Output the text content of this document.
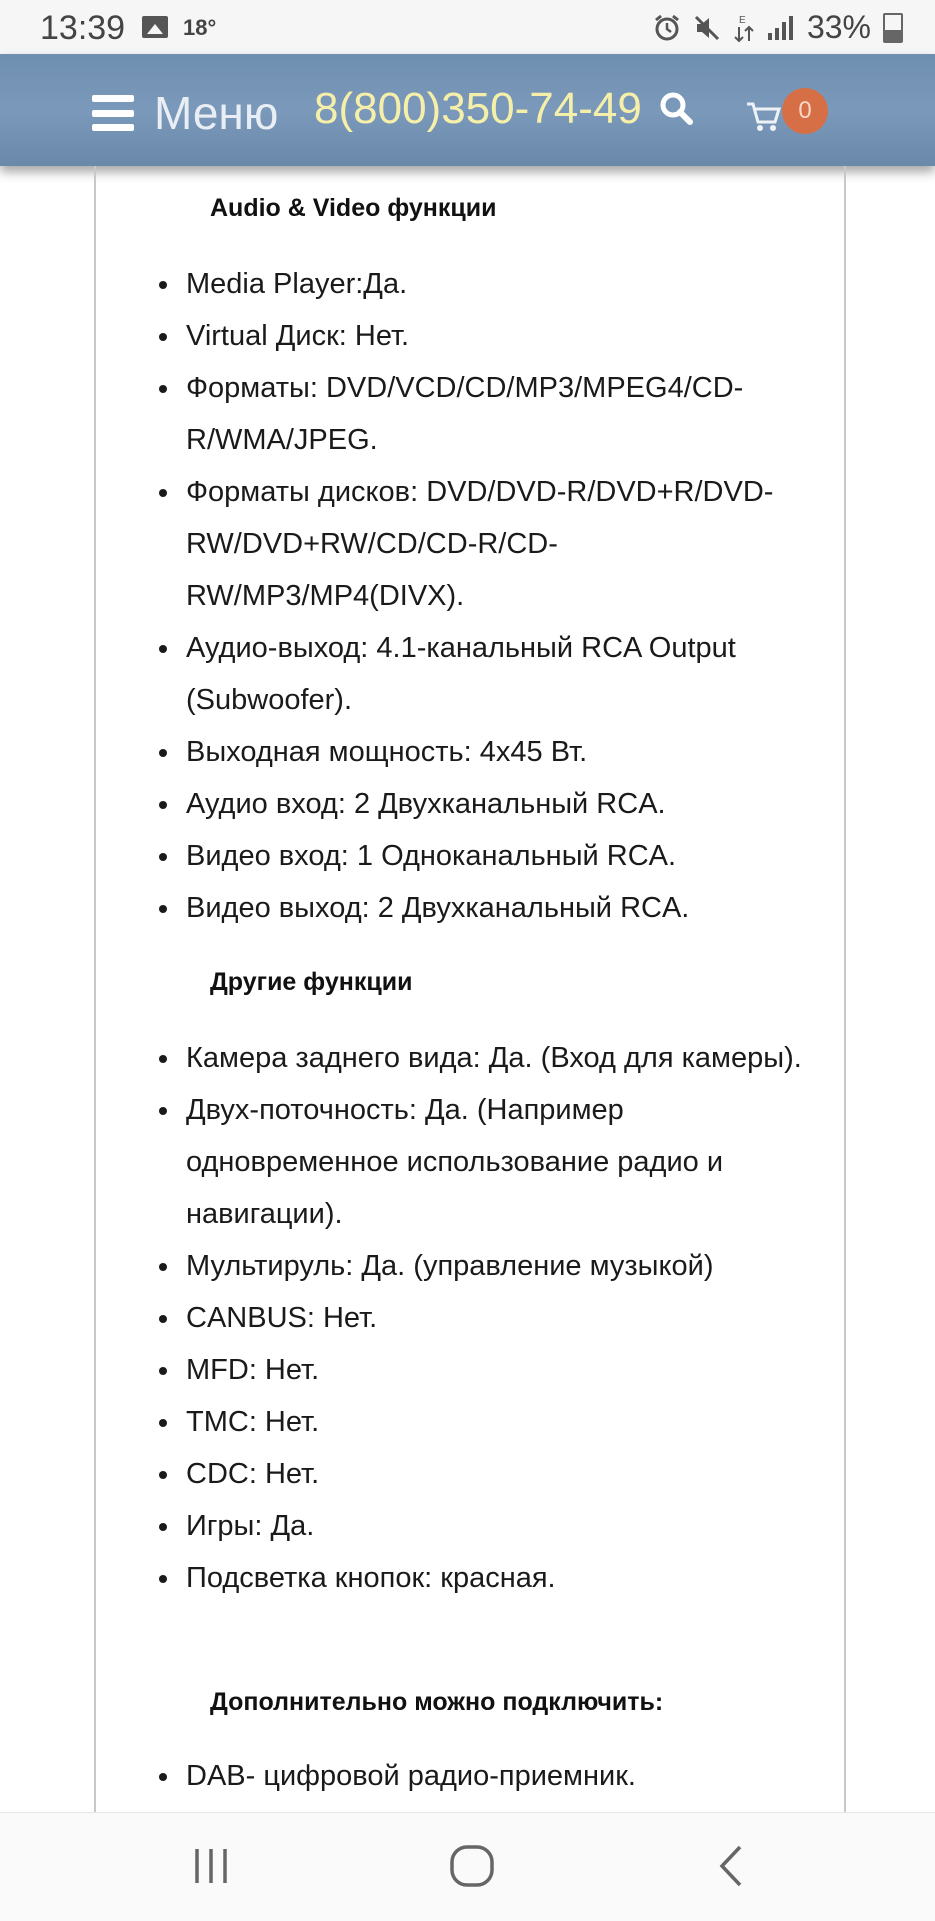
13:39	18°	E 33%
Меню 8(800)350-74-49	0
Audio & Video функции
• Media Player:Да.
• Virtual Диск: Нет.
• Форматы: DVD/VCD/CD/MP3/MPEG4/CD-R/WMA/JPEG.
• Форматы дисков: DVD/DVD-R/DVD+R/DVD-RW/DVD+RW/CD/CD-R/CD-RW/MP3/MP4(DIVX).
• Аудио-выход: 4.1-канальный RCA Output (Subwoofer).
• Выходная мощность: 4x45 Вт.
• Аудио вход: 2 Двухканальный RCA.
• Видео вход: 1 Одноканальный RCA.
• Видео выход: 2 Двухканальный RCA.
Другие функции
• Камера заднего вида: Да. (Вход для камеры).
• Двух-поточность: Да. (Например одновременное использование радио и навигации).
• Мультируль: Да. (управление музыкой)
• CANBUS: Нет.
• MFD: Нет.
• TMC: Нет.
• CDC: Нет.
• Игры: Да.
• Подсветка кнопок: красная.
Дополнительно можно подключить:
• DAB- цифровой радио-приемник.
